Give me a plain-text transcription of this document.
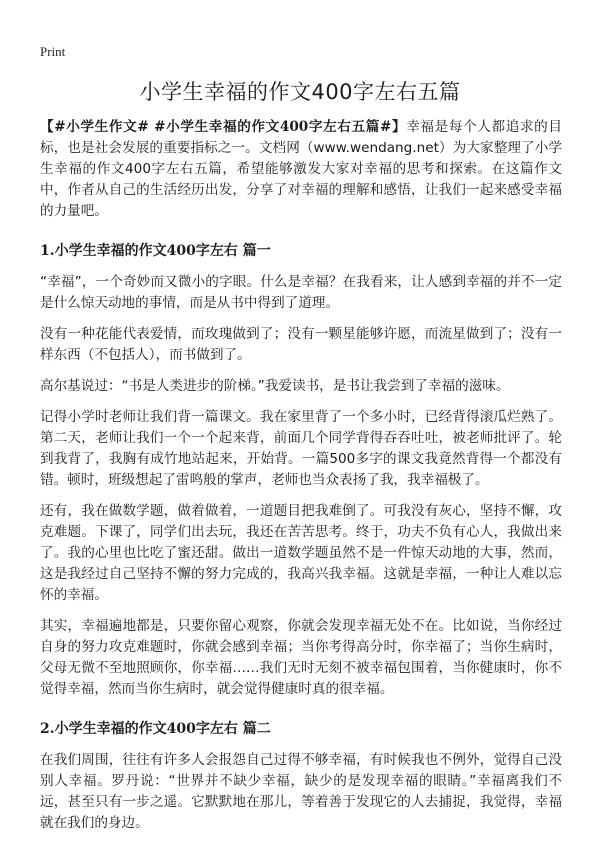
Print
小学生幸福的作文400字左右五篇

【#小学生作文# #小学生幸福的作文400字左右五篇#】幸福是每个人都追求的目标，也是社会发展的重要指标之一。文档网（www.wendang.net）为大家整理了小学生幸福的作文400字左右五篇，希望能够激发大家对幸福的思考和探索。在这篇作文中，作者从自己的生活经历出发，分享了对幸福的理解和感悟，让我们一起来感受幸福的力量吧。

1.小学生幸福的作文400字左右 篇一

“幸福”，一个奇妙而又微小的字眼。什么是幸福？在我看来，让人感到幸福的并不一定是什么惊天动地的事情，而是从书中得到了道理。

没有一种花能代表爱情，而玫瑰做到了；没有一颗星能够许愿，而流星做到了；没有一样东西（不包括人），而书做到了。

高尔基说过：“书是人类进步的阶梯。”我爱读书，是书让我尝到了幸福的滋味。

记得小学时老师让我们背一篇课文。我在家里背了一个多小时，已经背得滚瓜烂熟了。第二天，老师让我们一个一个起来背，前面几个同学背得吞吞吐吐，被老师批评了。轮到我背了，我胸有成竹地站起来，开始背。一篇500多字的课文我竟然背得一个都没有错。顿时，班级想起了雷鸣般的掌声，老师也当众表扬了我，我幸福极了。

还有，我在做数学题，做着做着，一道题目把我难倒了。可我没有灰心，坚持不懈，攻克难题。下课了，同学们出去玩，我还在苦苦思考。终于，功夫不负有心人，我做出来了。我的心里也比吃了蜜还甜。做出一道数学题虽然不是一件惊天动地的大事，然而，这是我经过自己坚持不懈的努力完成的，我高兴我幸福。这就是幸福，一种让人难以忘怀的幸福。

其实，幸福遍地都是，只要你留心观察，你就会发现幸福无处不在。比如说，当你经过自身的努力攻克难题时，你就会感到幸福；当你考得高分时，你幸福了；当你生病时，父母无微不至地照顾你，你幸福……我们无时无刻不被幸福包围着，当你健康时，你不觉得幸福，然而当你生病时，就会觉得健康时真的很幸福。

2.小学生幸福的作文400字左右 篇二

在我们周围，往往有许多人会报怨自己过得不够幸福，有时候我也不例外，觉得自己没别人幸福。罗丹说：“世界并不缺少幸福，缺少的是发现幸福的眼睛。”幸福离我们不远，甚至只有一步之遥。它默默地在那儿，等着善于发现它的人去捕捉，我觉得，幸福就在我们的身边。
